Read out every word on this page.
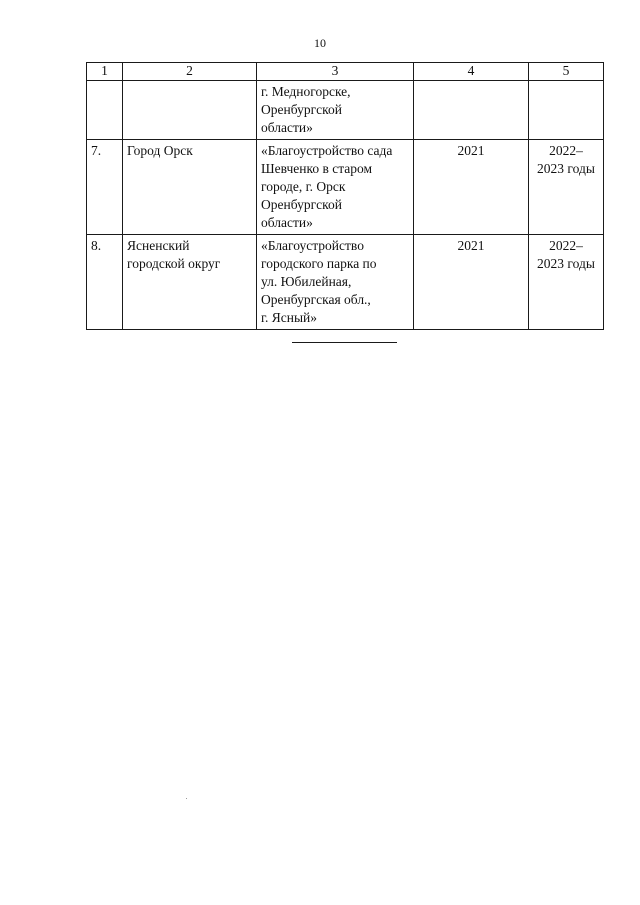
10
1	2	3	4	5

		г. Медногорске,
Оренбургской
области»		

7.	Город Орск	«Благоустройство сада
Шевченко в старом
городе, г. Орск
Оренбургской
области»	2021	2022–
2023 годы

8.	Ясненский
городской округ	«Благоустройство
городского парка по
ул. Юбилейная,
Оренбургская обл.,
г. Ясный»	2021	2022–
2023 годы
